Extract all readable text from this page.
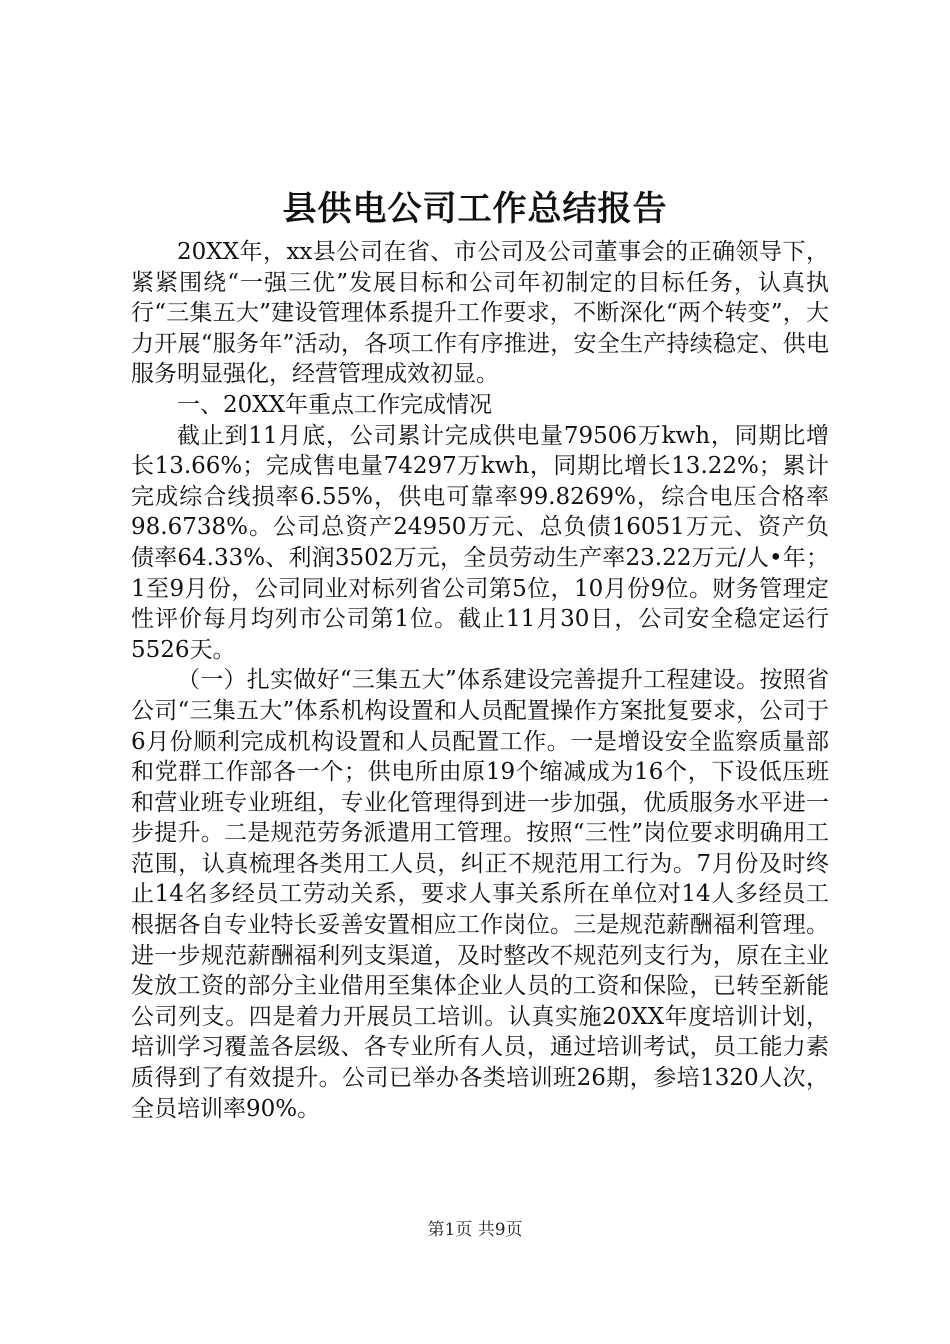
县供电公司工作总结报告

20XX年，xx县公司在省、市公司及公司董事会的正确领导下，紧紧围绕“一强三优”发展目标和公司年初制定的目标任务，认真执行“三集五大”建设管理体系提升工作要求，不断深化“两个转变”，大力开展“服务年”活动，各项工作有序推进，安全生产持续稳定、供电服务明显强化，经营管理成效初显。

一、20XX年重点工作完成情况

截止到11月底，公司累计完成供电量79506万kwh，同期比增长13.66%；完成售电量74297万kwh，同期比增长13.22%；累计完成综合线损率6.55%，供电可靠率99.8269%，综合电压合格率98.6738%。公司总资产24950万元、总负债16051万元、资产负债率64.33%、利润3502万元，全员劳动生产率23.22万元/人•年；1至9月份，公司同业对标列省公司第5位，10月份9位。财务管理定性评价每月均列市公司第1位。截止11月30日，公司安全稳定运行5526天。

（一）扎实做好“三集五大”体系建设完善提升工程建设。按照省公司“三集五大”体系机构设置和人员配置操作方案批复要求，公司于6月份顺利完成机构设置和人员配置工作。一是增设安全监察质量部和党群工作部各一个；供电所由原19个缩减成为16个，下设低压班和营业班专业班组，专业化管理得到进一步加强，优质服务水平进一步提升。二是规范劳务派遣用工管理。按照“三性”岗位要求明确用工范围，认真梳理各类用工人员，纠正不规范用工行为。7月份及时终止14名多经员工劳动关系，要求人事关系所在单位对14人多经员工根据各自专业特长妥善安置相应工作岗位。三是规范薪酬福利管理。进一步规范薪酬福利列支渠道，及时整改不规范列支行为，原在主业发放工资的部分主业借用至集体企业人员的工资和保险，已转至新能公司列支。四是着力开展员工培训。认真实施20XX年度培训计划，培训学习覆盖各层级、各专业所有人员，通过培训考试，员工能力素质得到了有效提升。公司已举办各类培训班26期，参培1320人次，全员培训率90%。

第1页 共9页
